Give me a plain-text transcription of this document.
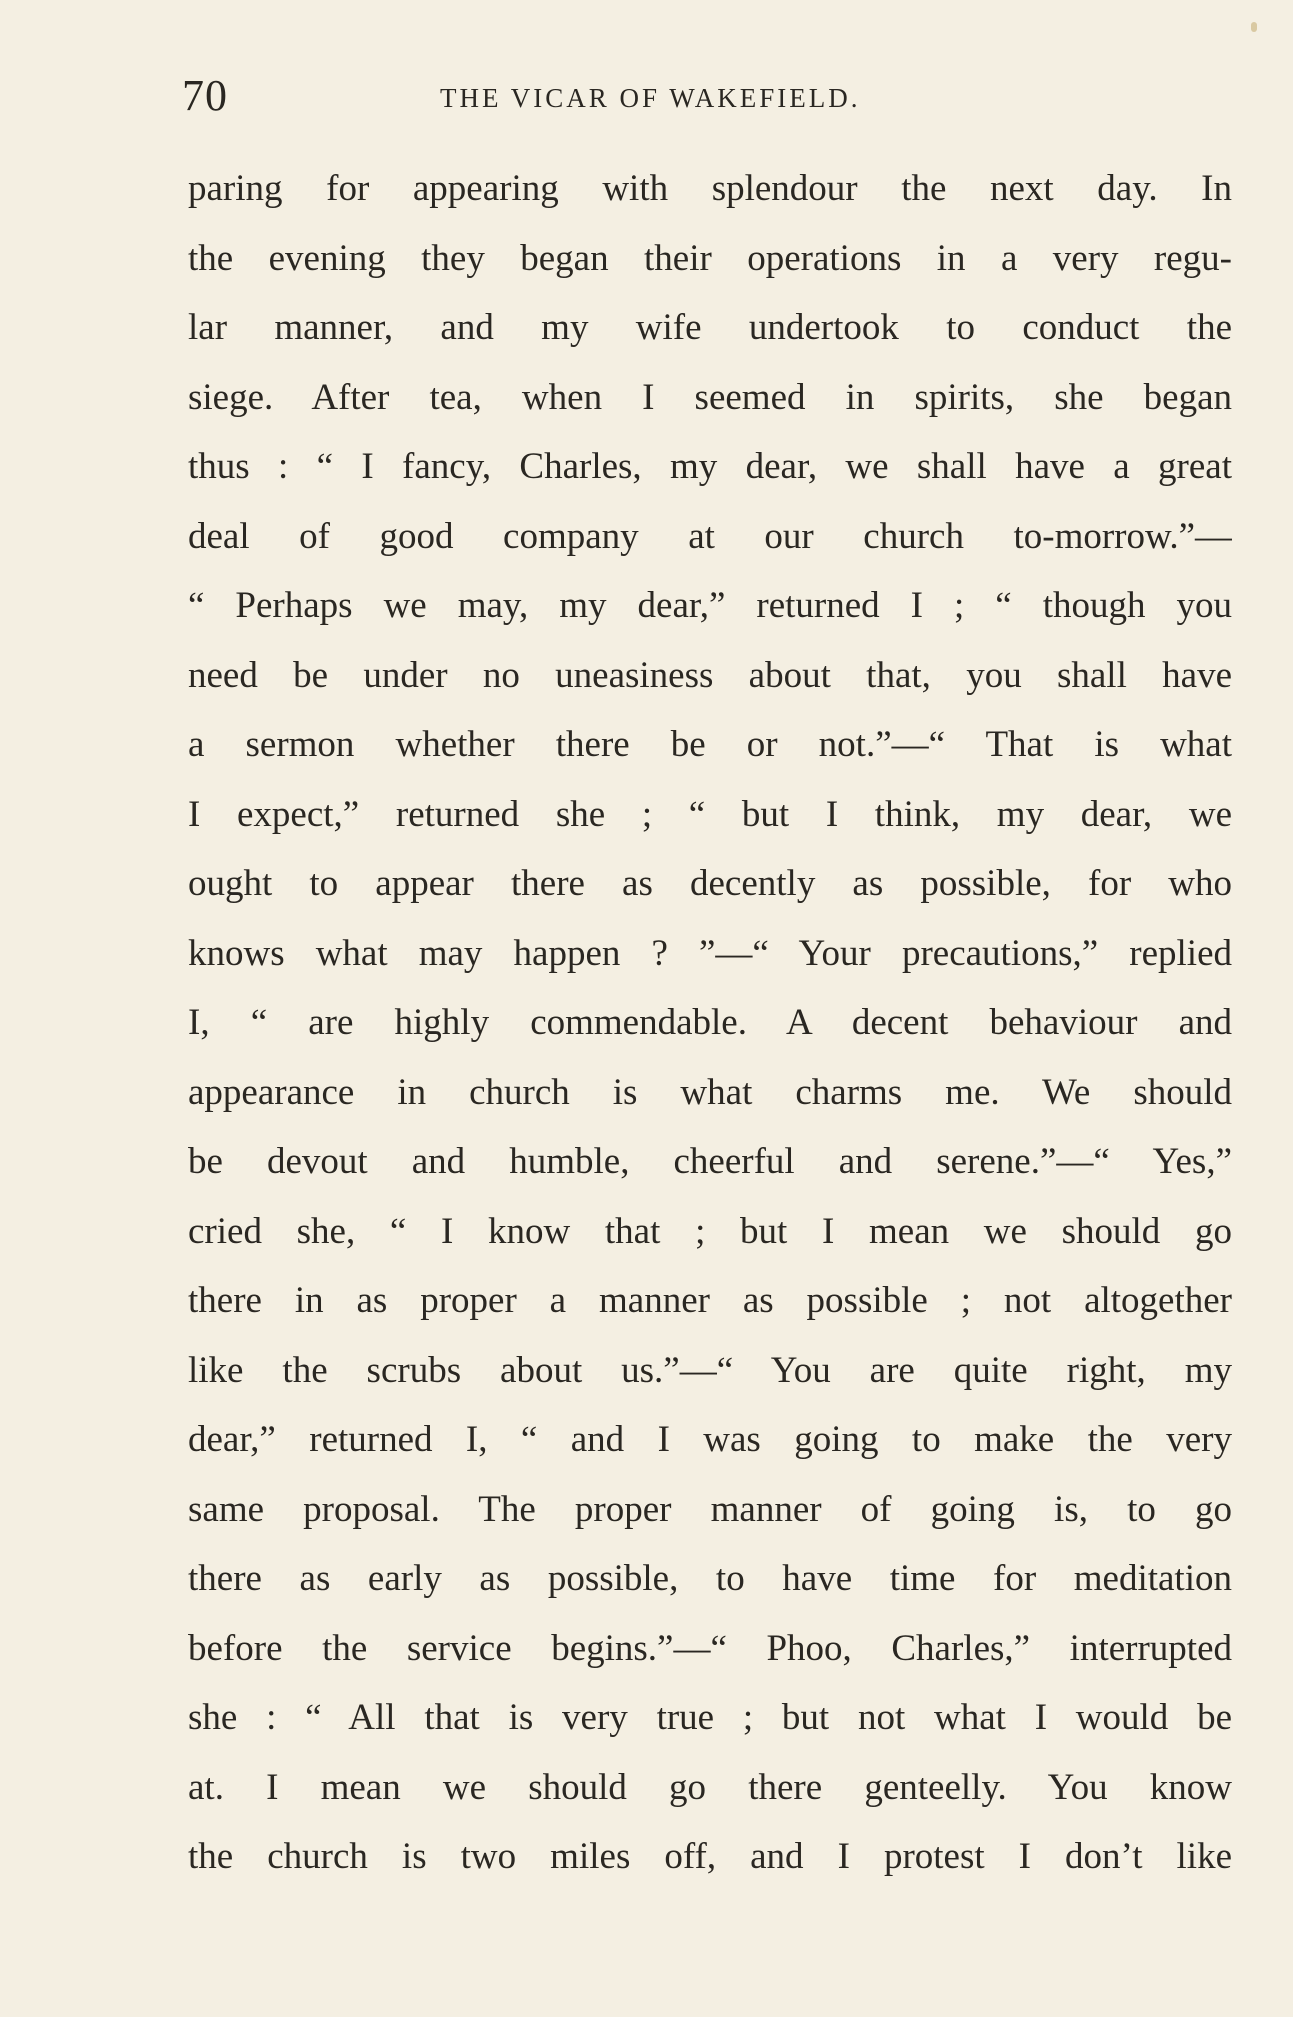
70	THE VICAR OF WAKEFIELD.
paring for appearing with splendour the next day. In
the evening they began their operations in a very regu-
lar manner, and my wife undertook to conduct the
siege. After tea, when I seemed in spirits, she began
thus : “ I fancy, Charles, my dear, we shall have a great
deal of good company at our church to-morrow.”—
“ Perhaps we may, my dear,” returned I ; “ though you
need be under no uneasiness about that, you shall have
a sermon whether there be or not.”—“ That is what
I expect,” returned she ; “ but I think, my dear, we
ought to appear there as decently as possible, for who
knows what may happen ? ”—“ Your precautions,” replied
I, “ are highly commendable. A decent behaviour and
appearance in church is what charms me. We should
be devout and humble, cheerful and serene.”—“ Yes,”
cried she, “ I know that ; but I mean we should go
there in as proper a manner as possible ; not altogether
like the scrubs about us.”—“ You are quite right, my
dear,” returned I, “ and I was going to make the very
same proposal. The proper manner of going is, to go
there as early as possible, to have time for meditation
before the service begins.”—“ Phoo, Charles,” interrupted
she : “ All that is very true ; but not what I would be
at. I mean we should go there genteelly. You know
the church is two miles off, and I protest I don’t like
